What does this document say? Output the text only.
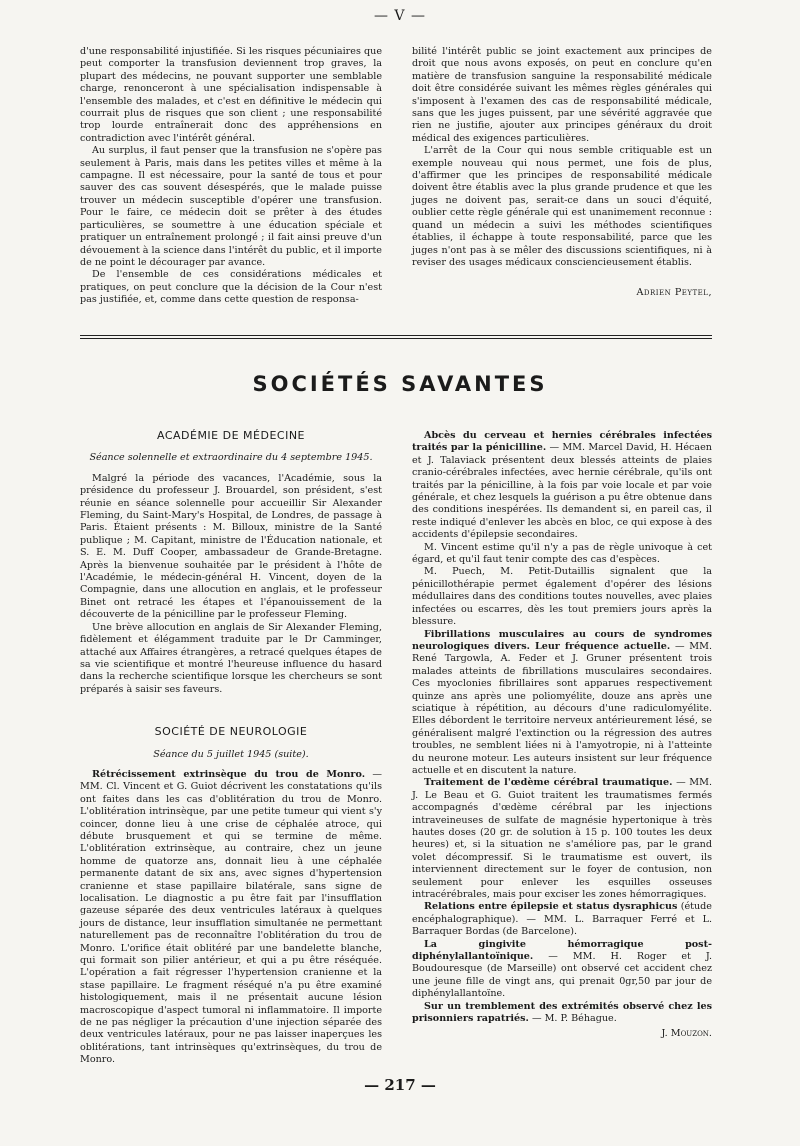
— V —

d'une responsabilité injustifiée. Si les risques pécuniaires que peut comporter la transfusion deviennent trop graves, la plupart des médecins, ne pouvant supporter une semblable charge, renonceront à une spécialisation indispensable à l'ensemble des malades, et c'est en définitive le médecin qui courrait plus de risques que son client ; une responsabilité trop lourde entraînerait donc des appréhensions en contradiction avec l'intérêt général.

Au surplus, il faut penser que la transfusion ne s'opère pas seulement à Paris, mais dans les petites villes et même à la campagne. Il est nécessaire, pour la santé de tous et pour sauver des cas souvent désespérés, que le malade puisse trouver un médecin susceptible d'opérer une transfusion. Pour le faire, ce médecin doit se prêter à des études particulières, se soumettre à une éducation spéciale et pratiquer un entraînement prolongé ; il fait ainsi preuve d'un dévouement à la science dans l'intérêt du public, et il importe de ne point le décourager par avance.

De l'ensemble de ces considérations médicales et pratiques, on peut conclure que la décision de la Cour n'est pas justifiée, et, comme dans cette question de responsa-

bilité l'intérêt public se joint exactement aux principes de droit que nous avons exposés, on peut en conclure qu'en matière de transfusion sanguine la responsabilité médicale doit être considérée suivant les mêmes règles générales qui s'imposent à l'examen des cas de responsabilité médicale, sans que les juges puissent, par une sévérité aggravée que rien ne justifie, ajouter aux principes généraux du droit médical des exigences particulières.

L'arrêt de la Cour qui nous semble critiquable est un exemple nouveau qui nous permet, une fois de plus, d'affirmer que les principes de responsabilité médicale doivent être établis avec la plus grande prudence et que les juges ne doivent pas, serait-ce dans un souci d'équité, oublier cette règle générale qui est unanimement reconnue : quand un médecin a suivi les méthodes scientifiques établies, il échappe à toute responsabilité, parce que les juges n'ont pas à se mêler des discussions scientifiques, ni à reviser des usages médicaux consciencieusement établis.

Adrien Peytel,
SOCIÉTÉS SAVANTES
ACADÉMIE DE MÉDECINE
Séance solennelle et extraordinaire du 4 septembre 1945.

Malgré la période des vacances, l'Académie, sous la présidence du professeur J. Brouardel, son président, s'est réunie en séance solennelle pour accueillir Sir Alexander Fleming, du Saint-Mary's Hospital, de Londres, de passage à Paris. Étaient présents : M. Billoux, ministre de la Santé publique ; M. Capitant, ministre de l'Éducation nationale, et S. E. M. Duff Cooper, ambassadeur de Grande-Bretagne. Après la bienvenue souhaitée par le président à l'hôte de l'Académie, le médecin-général H. Vincent, doyen de la Compagnie, dans une allocution en anglais, et le professeur Binet ont retracé les étapes et l'épanouissement de la découverte de la pénicilline par le professeur Fleming.

Une brève allocution en anglais de Sir Alexander Fleming, fidèlement et élégamment traduite par le Dr Camminger, attaché aux Affaires étrangères, a retracé quelques étapes de sa vie scientifique et montré l'heureuse influence du hasard dans la recherche scientifique lorsque les chercheurs se sont préparés à saisir ses faveurs.

SOCIÉTÉ DE NEUROLOGIE
Séance du 5 juillet 1945 (suite).

Rétrécissement extrinsèque du trou de Monro. — MM. Cl. Vincent et G. Guiot décrivent les constatations qu'ils ont faites dans les cas d'oblitération du trou de Monro. L'oblitération intrinsèque, par une petite tumeur qui vient s'y coincer, donne lieu à une crise de céphalée atroce, qui débute brusquement et qui se termine de même. L'oblitération extrinsèque, au contraire, chez un jeune homme de quatorze ans, donnait lieu à une céphalée permanente datant de six ans, avec signes d'hypertension cranienne et stase papillaire bilatérale, sans signe de localisation. Le diagnostic a pu être fait par l'insufflation gazeuse séparée des deux ventricules latéraux à quelques jours de distance, leur insufflation simultanée ne permettant naturellement pas de reconnaître l'oblitération du trou de Monro. L'orifice était oblitéré par une bandelette blanche, qui formait son pilier antérieur, et qui a pu être réséquée. L'opération a fait régresser l'hypertension cranienne et la stase papillaire. Le fragment réséqué n'a pu être examiné histologiquement, mais il ne présentait aucune lésion macroscopique d'aspect tumoral ni inflammatoire. Il importe de ne pas négliger la précaution d'une injection séparée des deux ventricules latéraux, pour ne pas laisser inaperçues les oblitérations, tant intrinsèques qu'extrinsèques, du trou de Monro.

Abcès du cerveau et hernies cérébrales infectées traités par la pénicilline. — MM. Marcel David, H. Hécaen et J. Talaviack présentent deux blessés atteints de plaies cranio-cérébrales infectées, avec hernie cérébrale, qu'ils ont traités par la pénicilline, à la fois par voie locale et par voie générale, et chez lesquels la guérison a pu être obtenue dans des conditions inespérées. Ils demandent si, en pareil cas, il reste indiqué d'enlever les abcès en bloc, ce qui expose à des accidents d'épilepsie secondaires.

M. Vincent estime qu'il n'y a pas de règle univoque à cet égard, et qu'il faut tenir compte des cas d'espèces.

M. Puech, M. Petit-Dutaillis signalent que la pénicillothérapie permet également d'opérer des lésions médullaires dans des conditions toutes nouvelles, avec plaies infectées ou escarres, dès les tout premiers jours après la blessure.

Fibrillations musculaires au cours de syndromes neurologiques divers. Leur fréquence actuelle. — MM. René Targowla, A. Feder et J. Gruner présentent trois malades atteints de fibrillations musculaires secondaires. Ces myoclonies fibrillaires sont apparues respectivement quinze ans après une poliomyélite, douze ans après une sciatique à répétition, au décours d'une radiculomyélite. Elles débordent le territoire nerveux antérieurement lésé, se généralisent malgré l'extinction ou la régression des autres troubles, ne semblent liées ni à l'amyotropie, ni à l'atteinte du neurone moteur. Les auteurs insistent sur leur fréquence actuelle et en discutent la nature.

Traitement de l'œdème cérébral traumatique. — MM. J. Le Beau et G. Guiot traitent les traumatismes fermés accompagnés d'œdème cérébral par les injections intraveineuses de sulfate de magnésie hypertonique à très hautes doses (20 gr. de solution à 15 p. 100 toutes les deux heures) et, si la situation ne s'améliore pas, par le grand volet décompressif. Si le traumatisme est ouvert, ils interviennent directement sur le foyer de contusion, non seulement pour enlever les esquilles osseuses intracérébrales, mais pour exciser les zones hémorragiques.

Relations entre épilepsie et status dysraphicus (étude encéphalographique). — MM. L. Barraquer Ferré et L. Barraquer Bordas (de Barcelone).

La gingivite hémorragique post-diphénylallantoïnique. — MM. H. Roger et J. Boudouresque (de Marseille) ont observé cet accident chez une jeune fille de vingt ans, qui prenait 0gr,50 par jour de diphénylallantoïne.

Sur un tremblement des extrémités observé chez les prisonniers rapatriés. — M. P. Béhague.

J. Mouzon.
— 217 —
